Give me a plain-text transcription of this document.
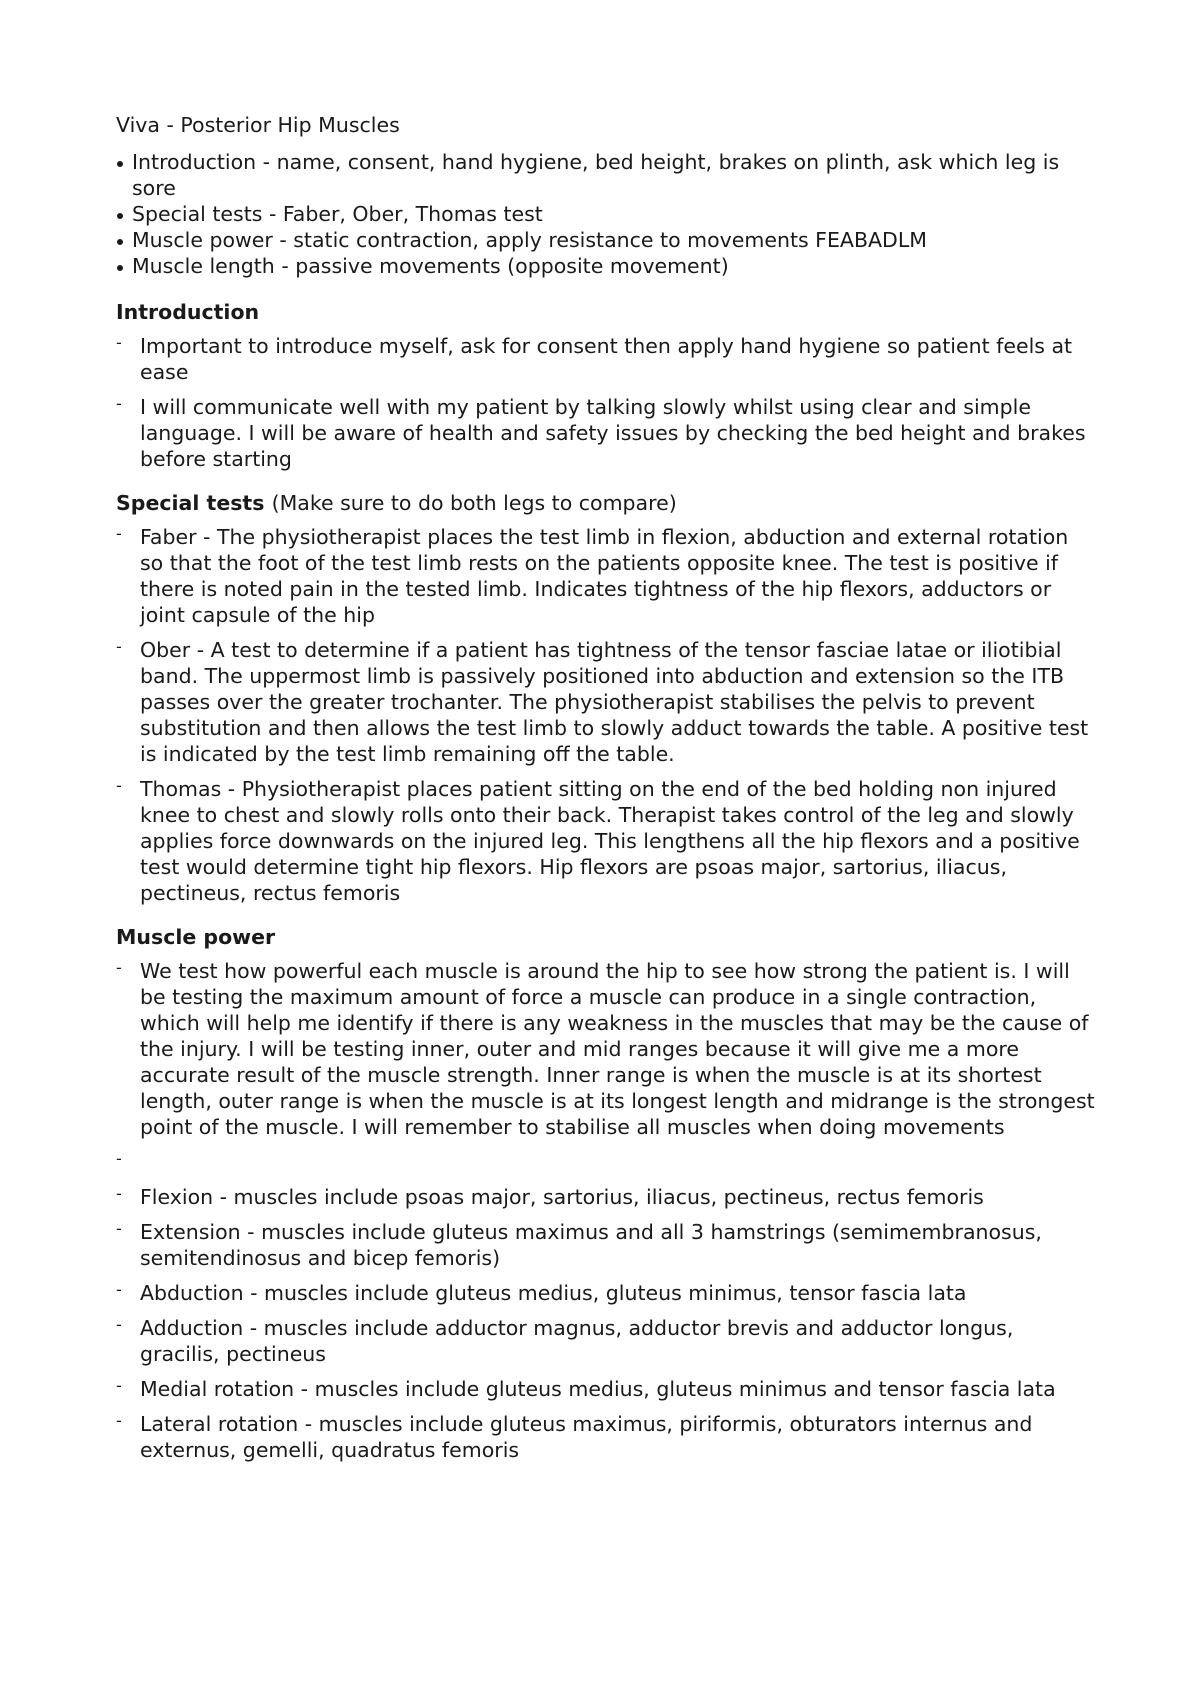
Viva - Posterior Hip Muscles

Introduction - name, consent, hand hygiene, bed height, brakes on plinth, ask which leg is sore
Special tests - Faber, Ober, Thomas test
Muscle power - static contraction, apply resistance to movements FEABADLM
Muscle length - passive movements (opposite movement)
Introduction
- Important to introduce myself, ask for consent then apply hand hygiene so patient feels at ease
- I will communicate well with my patient by talking slowly whilst using clear and simple language. I will be aware of health and safety issues by checking the bed height and brakes before starting
Special tests (Make sure to do both legs to compare)
- Faber - The physiotherapist places the test limb in flexion, abduction and external rotation so that the foot of the test limb rests on the patients opposite knee. The test is positive if there is noted pain in the tested limb. Indicates tightness of the hip flexors, adductors or joint capsule of the hip
- Ober - A test to determine if a patient has tightness of the tensor fasciae latae or iliotibial band. The uppermost limb is passively positioned into abduction and extension so the ITB passes over the greater trochanter. The physiotherapist stabilises the pelvis to prevent substitution and then allows the test limb to slowly adduct towards the table. A positive test is indicated by the test limb remaining off the table.
- Thomas - Physiotherapist places patient sitting on the end of the bed holding non injured knee to chest and slowly rolls onto their back. Therapist takes control of the leg and slowly applies force downwards on the injured leg. This lengthens all the hip flexors and a positive test would determine tight hip flexors. Hip flexors are psoas major, sartorius, iliacus, pectineus, rectus femoris
Muscle power
- We test how powerful each muscle is around the hip to see how strong the patient is. I will be testing the maximum amount of force a muscle can produce in a single contraction, which will help me identify if there is any weakness in the muscles that may be the cause of the injury. I will be testing inner, outer and mid ranges because it will give me a more accurate result of the muscle strength. Inner range is when the muscle is at its shortest length, outer range is when the muscle is at its longest length and midrange is the strongest point of the muscle. I will remember to stabilise all muscles when doing movements
-
- Flexion - muscles include psoas major, sartorius, iliacus, pectineus, rectus femoris
- Extension - muscles include gluteus maximus and all 3 hamstrings (semimembranosus, semitendinosus and bicep femoris)
- Abduction - muscles include gluteus medius, gluteus minimus, tensor fascia lata
- Adduction - muscles include adductor magnus, adductor brevis and adductor longus, gracilis, pectineus
- Medial rotation - muscles include gluteus medius, gluteus minimus and tensor fascia lata
- Lateral rotation - muscles include gluteus maximus, piriformis, obturators internus and externus, gemelli, quadratus femoris
